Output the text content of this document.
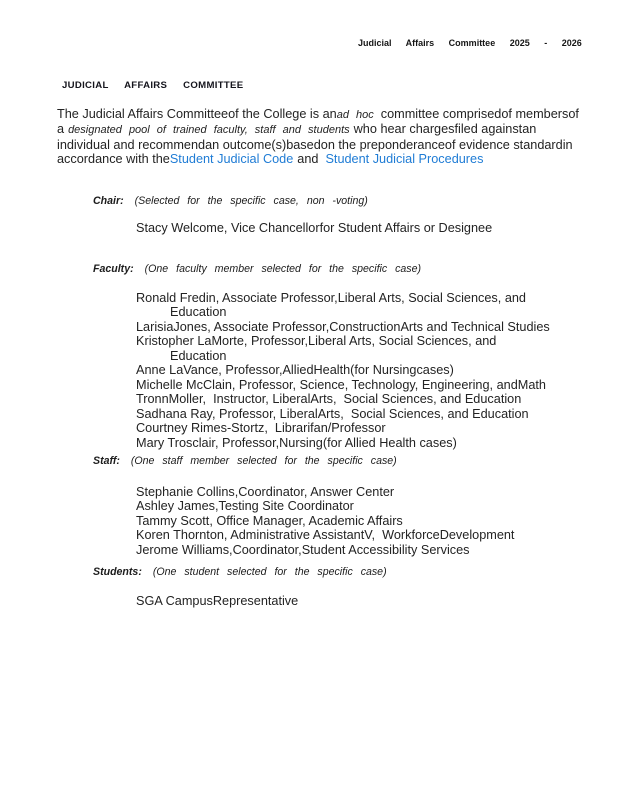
Judicial Affairs Committee 2025 - 2026
JUDICIAL AFFAIRS COMMITTEE
The Judicial Affairs Committeeof the College is anad hoc committee comprisedof membersof
a designated pool of trained faculty, staff and students who hear chargesfiled againstan
individual and recommendan outcome(s)basedon the preponderanceof evidence standardin
accordance with theStudent Judicial Code and Student Judicial Procedures
Chair: (Selected for the specific case, non -voting)
Stacy Welcome, Vice Chancellorfor Student Affairs or Designee
Faculty: (One faculty member selected for the specific case)
Ronald Fredin, Associate Professor,Liberal Arts, Social Sciences, and
Education
LarisiaJones, Associate Professor,ConstructionArts and Technical Studies
Kristopher LaMorte, Professor,Liberal Arts, Social Sciences, and
Education
Anne LaVance, Professor,AlliedHealth(for Nursingcases)
Michelle McClain, Professor, Science, Technology, Engineering, andMath
TronnMoller,  Instructor, LiberalArts,  Social Sciences, and Education
Sadhana Ray, Professor, LiberalArts,  Social Sciences, and Education
Courtney Rimes-Stortz,  Librarifan/Professor
Mary Trosclair, Professor,Nursing(for Allied Health cases)
Staff: (One staff member selected for the specific case)
Stephanie Collins,Coordinator, Answer Center
Ashley James,Testing Site Coordinator
Tammy Scott, Office Manager, Academic Affairs
Koren Thornton, Administrative AssistantV,  WorkforceDevelopment
Jerome Williams,Coordinator,Student Accessibility Services
Students: (One student selected for the specific case)
SGA CampusRepresentative
